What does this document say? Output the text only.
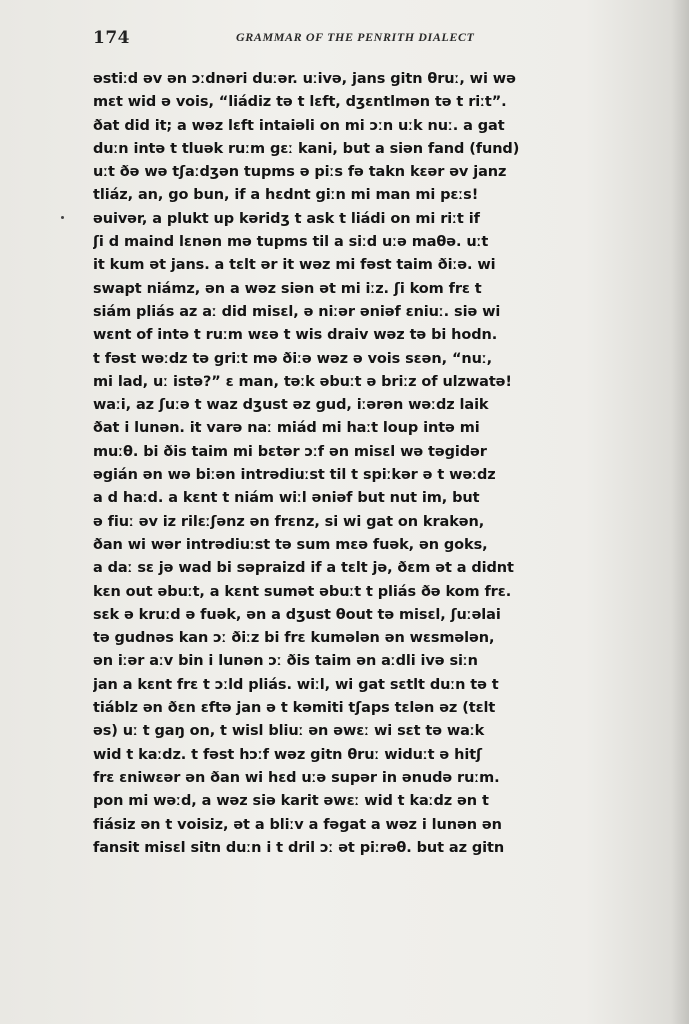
174	GRAMMAR OF THE PENRITH DIALECT
əstiːd əv ən ɔːdnəri duːər. uːivə, jans gitn θruː, wi wə
mɛt wid ə vois, “liádiz tə t lɛft, dʒɛntlmən tə t riːt”.
ðat did it; a wəz lɛft intaiəli on mi ɔːn uːk nuː. a gat
duːn intə t tluək ruːm gɛː kani, but a siən fand (fund)
uːt ðə wə tʃaːdʒən tupms ə piːs fə takn kɛər əv janz
tliáz, an, go bun, if a hɛdnt giːn mi man mi pɛːs!
əuivər, a plukt up kəridʒ t ask t liádi on mi riːt if
ʃi d maind lɛnən mə tupms til a siːd uːə maθə. uːt
it kum ət jans. a tɛlt ər it wəz mi fəst taim ðiːə. wi
swapt niámz, ən a wəz siən ət mi iːz. ʃi kom frɛ t
siám pliás az aː did misɛl, ə niːər əniəf ɛniuː. siə wi
wɛnt of intə t ruːm wɛə t wis draiv wəz tə bi hodn.
t fəst wəːdz tə griːt mə ðiːə wəz ə vois sɛən, “nuː,
mi lad, uː istə?” ɛ man, təːk əbuːt ə briːz of ulzwatə!
waːi, az ʃuːə t waz dʒust əz gud, iːərən wəːdz laik
ðat i lunən. it varə naː miád mi haːt loup intə mi
muːθ. bi ðis taim mi bɛtər ɔːf ən misɛl wə təgidər
əgián ən wə biːən intrədiuːst til t spiːkər ə t wəːdz
a d haːd. a kɛnt t niám wiːl əniəf but nut im, but
ə fiuː əv iz rilɛːʃənz ən frɛnz, si wi gat on krakən,
ðan wi wər intrədiuːst tə sum mɛə fuək, ən goks,
a daː sɛ jə wad bi səpraizd if a tɛlt jə, ðɛm ət a didnt
kɛn out əbuːt, a kɛnt sumət əbuːt t pliás ðə kom frɛ.
sɛk ə kruːd ə fuək, ən a dʒust θout tə misɛl, ʃuːəlai
tə gudnəs kan ɔː ðiːz bi frɛ kumələn ən wɛsmələn,
ən iːər aːv bin i lunən ɔː ðis taim ən aːdli ivə siːn
jan a kɛnt frɛ t ɔːld pliás. wiːl, wi gat sɛtlt duːn tə t
tiáblz ən ðɛn ɛftə jan ə t kəmiti tʃaps tɛlən əz (tɛlt
əs) uː t gaŋ on, t wisl bliuː ən əwɛː wi sɛt tə waːk
wid t kaːdz. t fəst hɔːf wəz gitn θruː widuːt ə hitʃ
frɛ ɛniwɛər ən ðan wi hɛd uːə supər in ənudə ruːm.
pon mi wəːd, a wəz siə karit əwɛː wid t kaːdz ən t
fiásiz ən t voisiz, ət a bliːv a fəgat a wəz i lunən ən
fansit misɛl sitn duːn i t dril ɔː ət piːrəθ. but az gitn
